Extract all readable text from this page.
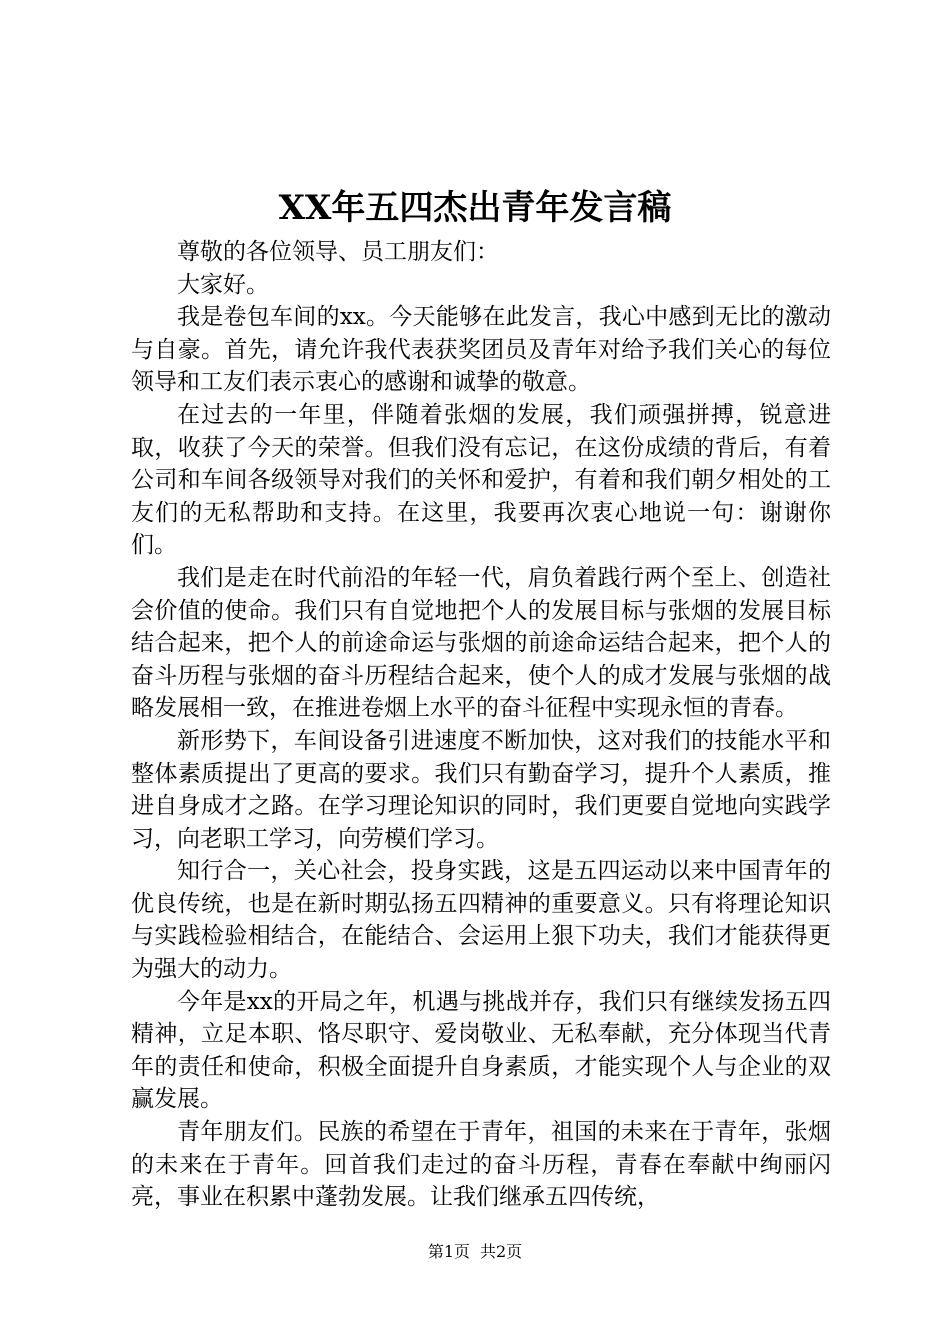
XX年五四杰出青年发言稿

尊敬的各位领导、员工朋友们：

大家好。

我是卷包车间的xx。今天能够在此发言，我心中感到无比的激动与自豪。首先，请允许我代表获奖团员及青年对给予我们关心的每位领导和工友们表示衷心的感谢和诚挚的敬意。

在过去的一年里，伴随着张烟的发展，我们顽强拼搏，锐意进取，收获了今天的荣誉。但我们没有忘记，在这份成绩的背后，有着公司和车间各级领导对我们的关怀和爱护，有着和我们朝夕相处的工友们的无私帮助和支持。在这里，我要再次衷心地说一句：谢谢你们。

我们是走在时代前沿的年轻一代，肩负着践行两个至上、创造社会价值的使命。我们只有自觉地把个人的发展目标与张烟的发展目标结合起来，把个人的前途命运与张烟的前途命运结合起来，把个人的奋斗历程与张烟的奋斗历程结合起来，使个人的成才发展与张烟的战略发展相一致，在推进卷烟上水平的奋斗征程中实现永恒的青春。

新形势下，车间设备引进速度不断加快，这对我们的技能水平和整体素质提出了更高的要求。我们只有勤奋学习，提升个人素质，推进自身成才之路。在学习理论知识的同时，我们更要自觉地向实践学习，向老职工学习，向劳模们学习。

知行合一，关心社会，投身实践，这是五四运动以来中国青年的优良传统，也是在新时期弘扬五四精神的重要意义。只有将理论知识与实践检验相结合，在能结合、会运用上狠下功夫，我们才能获得更为强大的动力。

今年是xx的开局之年，机遇与挑战并存，我们只有继续发扬五四精神，立足本职、恪尽职守、爱岗敬业、无私奉献，充分体现当代青年的责任和使命，积极全面提升自身素质，才能实现个人与企业的双赢发展。

青年朋友们。民族的希望在于青年，祖国的未来在于青年，张烟的未来在于青年。回首我们走过的奋斗历程，青春在奉献中绚丽闪亮，事业在积累中蓬勃发展。让我们继承五四传统，

第1页 共2页
